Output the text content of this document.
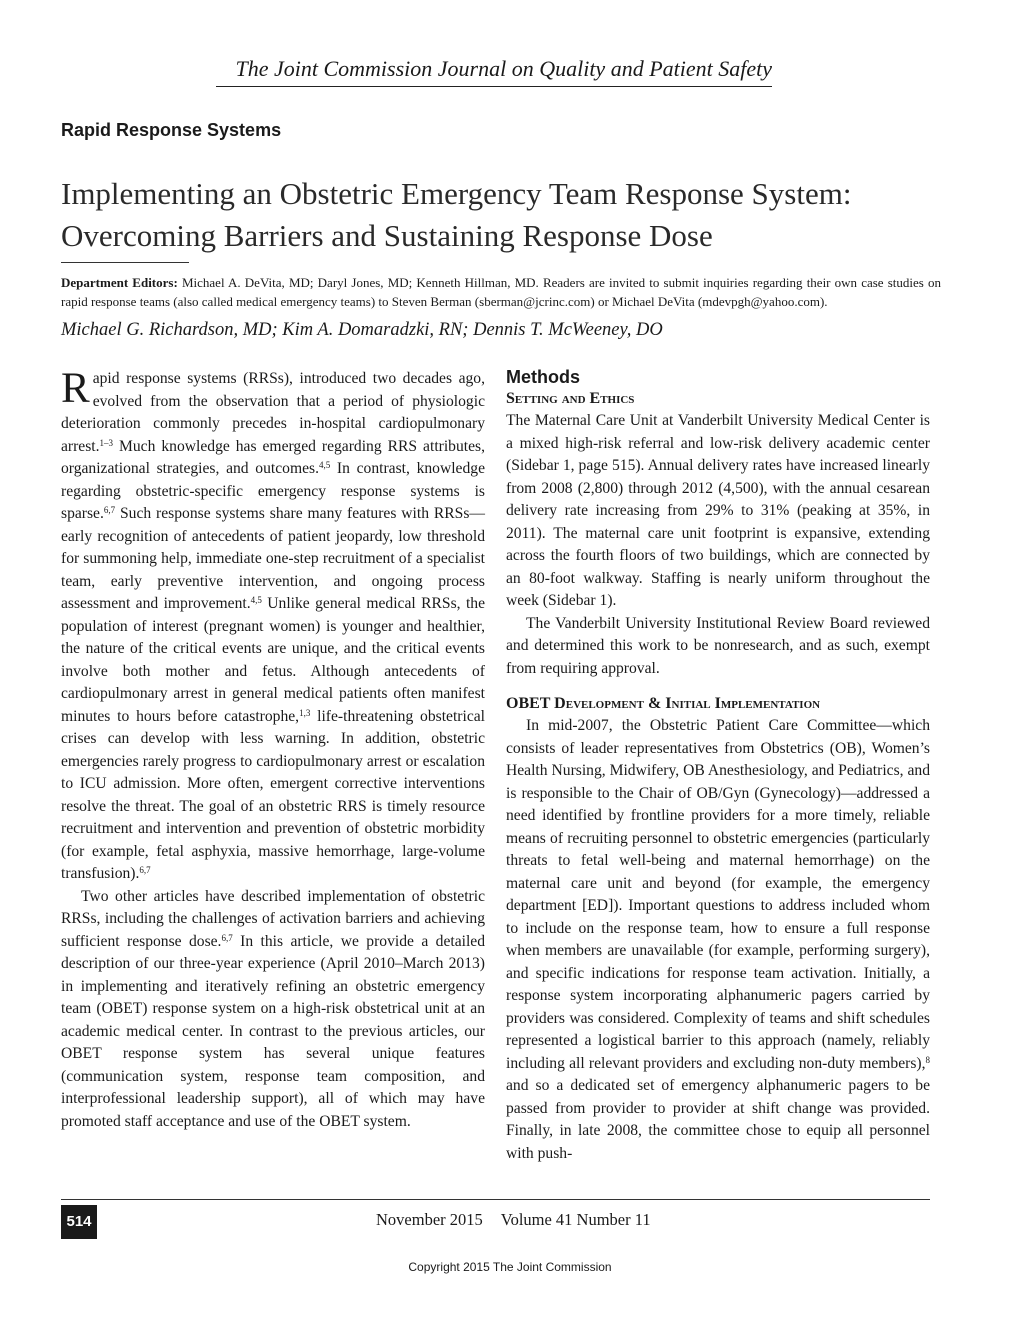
The Joint Commission Journal on Quality and Patient Safety
Rapid Response Systems
Implementing an Obstetric Emergency Team Response System:
Overcoming Barriers and Sustaining Response Dose
Department Editors: Michael A. DeVita, MD; Daryl Jones, MD; Kenneth Hillman, MD. Readers are invited to submit inquiries regarding their own case studies on rapid response teams (also called medical emergency teams) to Steven Berman (sberman@jcrinc.com) or Michael DeVita (mdevpgh@yahoo.com).
Michael G. Richardson, MD; Kim A. Domaradzki, RN; Dennis T. McWeeney, DO

Rapid response systems (RRSs), introduced two decades ago, evolved from the observation that a period of physiologic deterioration commonly precedes in-hospital cardiopulmonary arrest.$^{1-3}$ Much knowledge has emerged regarding RRS attributes, organizational strategies, and outcomes.$^{4,5}$ In contrast, knowledge regarding obstetric-specific emergency response systems is sparse.$^{6,7}$ Such response systems share many features with RRSs—early recognition of antecedents of patient jeopardy, low threshold for summoning help, immediate one-step recruitment of a specialist team, early preventive intervention, and ongoing process assessment and improvement.$^{4,5}$ Unlike general medical RRSs, the population of interest (pregnant women) is younger and healthier, the nature of the critical events are unique, and the critical events involve both mother and fetus. Although antecedents of cardiopulmonary arrest in general medical patients often manifest minutes to hours before catastrophe,$^{1,3}$ life-threatening obstetrical crises can develop with less warning. In addition, obstetric emergencies rarely progress to cardiopulmonary arrest or escalation to ICU admission. More often, emergent corrective interventions resolve the threat. The goal of an obstetric RRS is timely resource recruitment and intervention and prevention of obstetric morbidity (for example, fetal asphyxia, massive hemorrhage, large-volume transfusion).$^{6,7}$

Two other articles have described implementation of obstetric RRSs, including the challenges of activation barriers and achieving sufficient response dose.$^{6,7}$ In this article, we provide a detailed description of our three-year experience (April 2010–March 2013) in implementing and iteratively refining an obstetric emergency team (OBET) response system on a high-risk obstetrical unit at an academic medical center. In contrast to the previous articles, our OBET response system has several unique features (communication system, response team composition, and interprofessional leadership support), all of which may have promoted staff acceptance and use of the OBET system.

Methods
Setting and Ethics

The Maternal Care Unit at Vanderbilt University Medical Center is a mixed high-risk referral and low-risk delivery academic center (Sidebar 1, page 515). Annual delivery rates have increased linearly from 2008 (2,800) through 2012 (4,500), with the annual cesarean delivery rate increasing from 29% to 31% (peaking at 35%, in 2011). The maternal care unit footprint is expansive, extending across the fourth floors of two buildings, which are connected by an 80-foot walkway. Staffing is nearly uniform throughout the week (Sidebar 1).

The Vanderbilt University Institutional Review Board reviewed and determined this work to be nonresearch, and as such, exempt from requiring approval.

OBET Development & Initial Implementation

In mid-2007, the Obstetric Patient Care Committee—which consists of leader representatives from Obstetrics (OB), Women’s Health Nursing, Midwifery, OB Anesthesiology, and Pediatrics, and is responsible to the Chair of OB/Gyn (Gynecology)—addressed a need identified by frontline providers for a more timely, reliable means of recruiting personnel to obstetric emergencies (particularly threats to fetal well-being and maternal hemorrhage) on the maternal care unit and beyond (for example, the emergency department [ED]). Important questions to address included whom to include on the response team, how to ensure a full response when members are unavailable (for example, performing surgery), and specific indications for response team activation. Initially, a response system incorporating alphanumeric pagers carried by providers was considered. Complexity of teams and shift schedules represented a logistical barrier to this approach (namely, reliably including all relevant providers and excluding non-duty members),$^8$ and so a dedicated set of emergency alphanumeric pagers to be passed from provider to provider at shift change was provided. Finally, in late 2008, the committee chose to equip all personnel with push-

514	November 2015 Volume 41 Number 11
Copyright 2015 The Joint Commission
